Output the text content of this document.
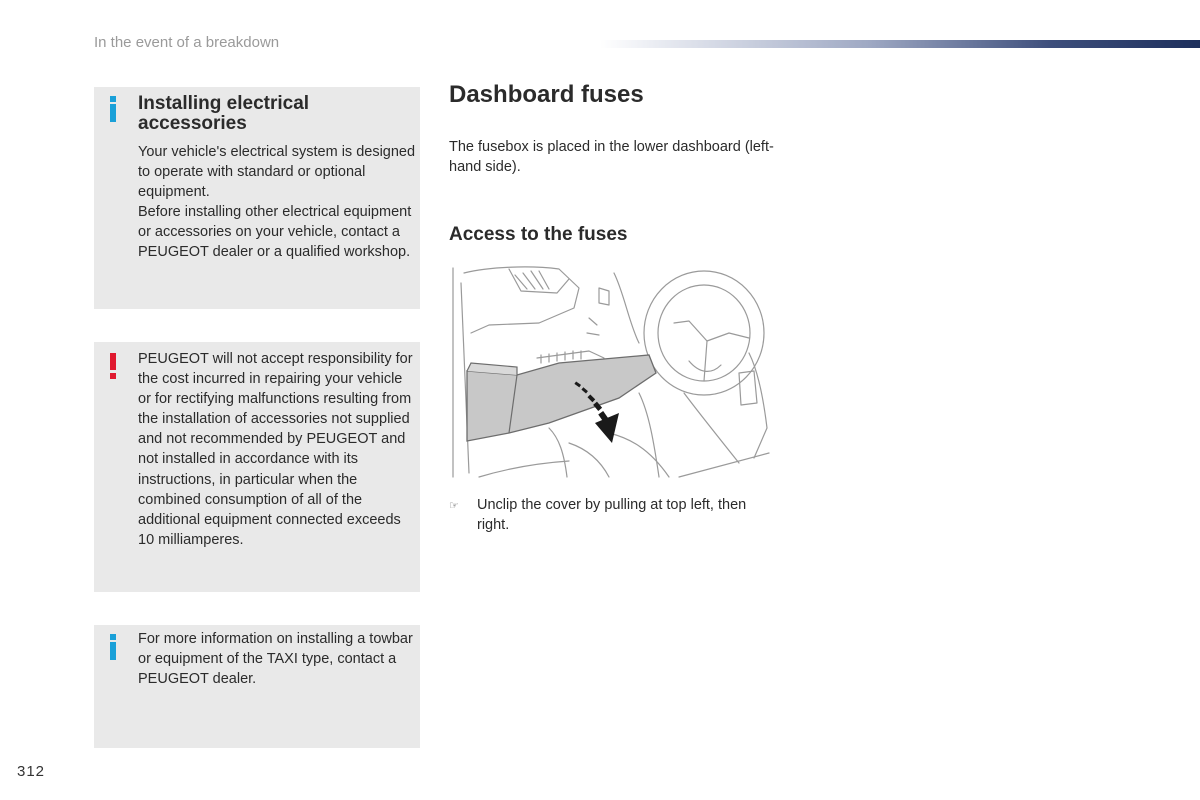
In the event of a breakdown
Installing electrical accessories

Your vehicle's electrical system is designed to operate with standard or optional equipment.

Before installing other electrical equipment or accessories on your vehicle, contact a PEUGEOT dealer or a qualified workshop.

PEUGEOT will not accept responsibility for the cost incurred in repairing your vehicle or for rectifying malfunctions resulting from the installation of accessories not supplied and not recommended by PEUGEOT and not installed in accordance with its instructions, in particular when the combined consumption of all of the additional equipment connected exceeds 10 milliamperes.

For more information on installing a towbar or equipment of the TAXI type, contact a PEUGEOT dealer.

Dashboard fuses
The fusebox is placed in the lower dashboard (left-hand side).
Access to the fuses
☞ Unclip the cover by pulling at top left, then right.
312
